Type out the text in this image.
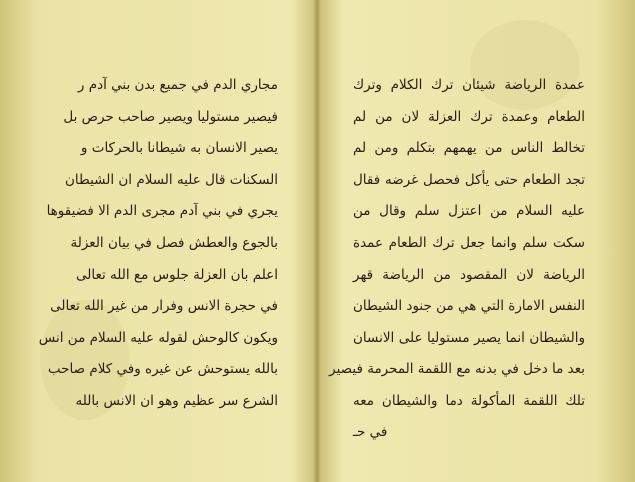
مجاري الدم في جميع بدن بني آدم ر
فيصير مستوليا ويصير صاحب حرص بل
يصير الانسان به شيطانا بالحركات و
السكنات قال عليه السلام ان الشيطان
يجري في بني آدم مجرى الدم الا فضيقوها
بالجوع والعطش فصل في بيان العزلة
اعلم بان العزلة جلوس مع الله تعالى
في حجرة الانس وفرار من غير الله تعالى
ويكون كالوحش لقوله عليه السلام من انس
بالله يستوحش عن غيره وفي كلام صاحب
الشرع سر عظيم وهو ان الانس بالله
عمدة الرياضة شيئان ترك الكلام وترك
الطعام وعمدة ترك العزلة لان من لم
تخالط الناس من يهمهم بتكلم ومن لم
تجد الطعام حتى يأكل فحصل غرضه فقال
عليه السلام من اعتزل سلم وقال من
سكت سلم وانما جعل ترك الطعام عمدة
الرياضة لان المقصود من الرياضة قهر
النفس الامارة التي هي من جنود الشيطان
والشيطان انما يصير مستوليا على الانسان
بعد ما دخل في بدنه مع اللقمة المحرمة فيصير
تلك اللقمة المأكولة دما والشيطان معه
في حـ
